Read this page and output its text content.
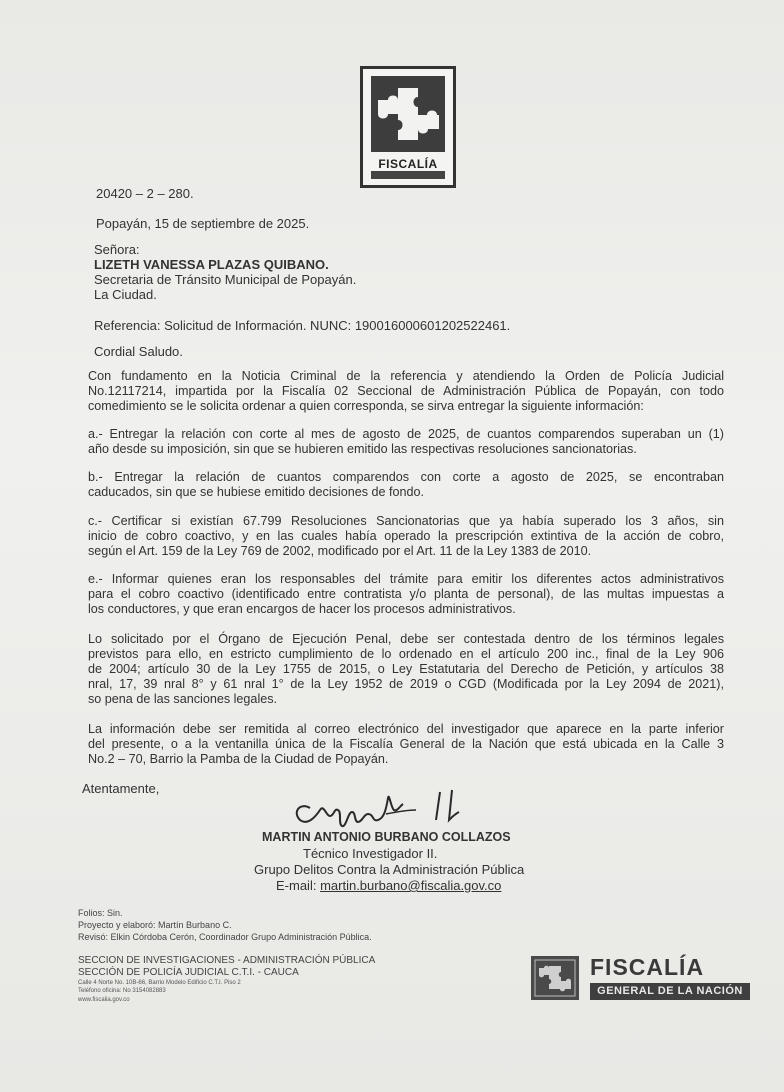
FISCALÍA
20420 – 2 – 280.
Popayán, 15 de septiembre de 2025.
Señora:
LIZETH VANESSA PLAZAS QUIBANO.
Secretaria de Tránsito Municipal de Popayán.
La Ciudad.
Referencia: Solicitud de Información. NUNC: 190016000601202522461.
Cordial Saludo.
Con fundamento en la Noticia Criminal de la referencia y atendiendo la Orden de Policía Judicial
No.12117214, impartida por la Fiscalía 02 Seccional de Administración Pública de Popayán, con todo
comedimiento se le solicita ordenar a quien corresponda, se sirva entregar la siguiente información:
a.- Entregar la relación con corte al mes de agosto de 2025, de cuantos comparendos superaban un (1)
año desde su imposición, sin que se hubieren emitido las respectivas resoluciones sancionatorias.
b.- Entregar la relación de cuantos comparendos con corte a agosto de 2025, se encontraban
caducados, sin que se hubiese emitido decisiones de fondo.
c.- Certificar si existían 67.799 Resoluciones Sancionatorias que ya había superado los 3 años, sin
inicio de cobro coactivo, y en las cuales había operado la prescripción extintiva de la acción de cobro,
según el Art. 159 de la Ley 769 de 2002, modificado por el Art. 11 de la Ley 1383 de 2010.
e.- Informar quienes eran los responsables del trámite para emitir los diferentes actos administrativos
para el cobro coactivo (identificado entre contratista y/o planta de personal), de las multas impuestas a
los conductores, y que eran encargos de hacer los procesos administrativos.
Lo solicitado por el Órgano de Ejecución Penal, debe ser contestada dentro de los términos legales
previstos para ello, en estricto cumplimiento de lo ordenado en el artículo 200 inc., final de la Ley 906
de 2004; artículo 30 de la Ley 1755 de 2015, o Ley Estatutaria del Derecho de Petición, y artículos 38
nral, 17, 39 nral 8° y 61 nral 1° de la Ley 1952 de 2019 o CGD (Modificada por la Ley 2094 de 2021),
so pena de las sanciones legales.
La información debe ser remitida al correo electrónico del investigador que aparece en la parte inferior
del presente, o a la ventanilla única de la Fiscalía General de la Nación que está ubicada en la Calle 3
No.2 – 70, Barrio la Pamba de la Ciudad de Popayán.
Atentamente,
MARTIN ANTONIO BURBANO COLLAZOS
Técnico Investigador II.
Grupo Delitos Contra la Administración Pública
E-mail: martin.burbano@fiscalia.gov.co
Folios: Sin.
Proyecto y elaboró: Martín Burbano C.
Revisó: Elkin Córdoba Cerón, Coordinador Grupo Administración Pública.
SECCION DE INVESTIGACIONES - ADMINISTRACIÓN PÚBLICA
SECCIÓN DE POLICÍA JUDICIAL C.T.I. - CAUCA
Calle 4 Norte No. 10B-66, Barrio Modelo Edificio C.T.I. Piso 2
Teléfono oficina: No 3154082883
www.fiscalia.gov.co
FISCALÍA
GENERAL DE LA NACIÓN
